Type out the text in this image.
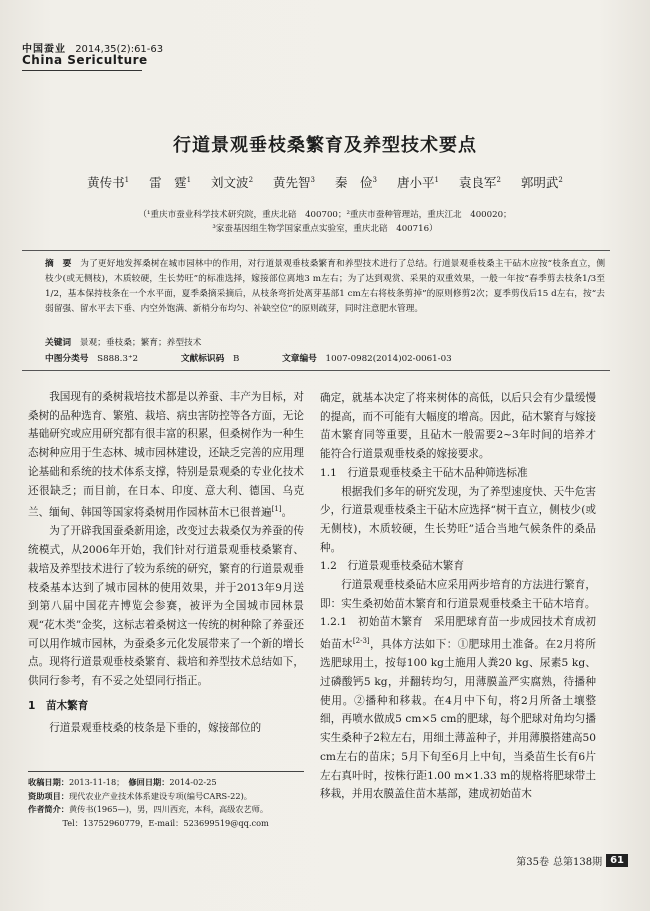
中国蚕业 2014,35(2):61-63
China Sericulture
行道景观垂枝桑繁育及养型技术要点
黄传书$^1$ 雷　霆$^1$ 刘文波$^2$ 黄先智$^3$ 秦　俭$^3$ 唐小平$^1$ 袁良军$^2$ 郭明武$^2$
（¹重庆市蚕业科学技术研究院，重庆北碚　400700；²重庆市蚕种管理站，重庆江北　400020；
³家蚕基因组生物学国家重点实验室，重庆北碚　400716）
摘　要　 为了更好地发挥桑树在城市园林中的作用，对行道景观垂枝桑繁育和养型技术进行了总结。行道景观垂枝桑主干砧木应按“枝条直立，侧枝少(或无侧枝)，木质较硬，生长势旺”的标准选择，嫁接部位离地3 m左右；为了达到观赏、采果的双重效果，一般一年按“春季剪去枝条1/3至1/2，基本保持枝条在一个水平面，夏季桑摘采摘后，从枝条弯折处离芽基部1 cm左右将枝条剪掉”的原则修剪2次；夏季剪伐后15 d左右，按“去弱留强、留水平去下垂、内空外饱满、新梢分布均匀、补缺空位”的原则疏芽，同时注意肥水管理。
关键词　 景观；垂枝桑；繁育；养型技术
中图分类号　 S888.3⁺2	文献标识码　 B	文章编号　 1007-0982(2014)02-0061-03

我国现有的桑树栽培技术都是以养蚕、丰产为目标，对桑树的品种选育、繁殖、栽培、病虫害防控等各方面，无论基础研究或应用研究都有很丰富的积累，但桑树作为一种生态树种应用于生态林、城市园林建设，还缺乏完善的应用理论基础和系统的技术体系支撑，特别是景观桑的专业化技术还很缺乏；而目前，在日本、印度、意大利、德国、乌克兰、缅甸、韩国等国家将桑树用作园林苗木已很普遍[1]。

为了开辟我国蚕桑新用途，改变过去栽桑仅为养蚕的传统模式，从2006年开始，我们针对行道景观垂枝桑繁育、栽培及养型技术进行了较为系统的研究，繁育的行道景观垂枝桑基本达到了城市园林的使用效果，并于2013年9月送到第八届中国花卉博览会参赛，被评为全国城市园林景观“花木类”金奖，这标志着桑树这一传统的树种除了养蚕还可以用作城市园林，为蚕桑多元化发展带来了一个新的增长点。现将行道景观垂枝桑繁育、栽培和养型技术总结如下，供同行参考，有不妥之处望同行指正。

1　苗木繁育

行道景观垂枝桑的枝条是下垂的，嫁接部位的

收稿日期：2013-11-18；　 修回日期：2014-02-25
资助项目：现代农业产业技术体系建设专项(编号CARS-22)。
作者简介：黄传书(1965—)，男，四川西充，本科，高级农艺师。
Tel：13752960779，E-mail：523699519@qq.com

确定，就基本决定了将来树体的高低，以后只会有少量缓慢的提高，而不可能有大幅度的增高。因此，砧木繁育与嫁接苗木繁育同等重要，且砧木一般需要2~3年时间的培养才能符合行道景观垂枝桑的嫁接要求。

1.1　行道景观垂枝桑主干砧木品种筛选标准

根据我们多年的研究发现，为了养型速度快、天牛危害少，行道景观垂枝桑主干砧木应选择“树干直立，侧枝少(或无侧枝)，木质较硬，生长势旺”适合当地气候条件的桑品种。

1.2　行道景观垂枝桑砧木繁育

行道景观垂枝桑砧木应采用两步培育的方法进行繁育，即：实生桑初始苗木繁育和行道景观垂枝桑主干砧木培育。

1.2.1　初始苗木繁育　 采用肥球育苗一步成园技术育成初始苗木[2-3]，具体方法如下：①肥球用土准备。在2月将所选肥球用土，按每100 kg土施用人粪20 kg、尿素5 kg、过磷酸钙5 kg，并翻转均匀，用薄膜盖严实腐熟，待播种使用。②播种和移栽。在4月中下旬，将2月所备土壤整细，再喷水做成5 cm×5 cm的肥球，每个肥球对角均匀播实生桑种子2粒左右，用细土薄盖种子，并用薄膜搭建高50 cm左右的苗床；5月下旬至6月上中旬，当桑苗生长有6片左右真叶时，按株行距1.00 m×1.33 m的规格将肥球带土移栽，并用农膜盖住苗木基部，建成初始苗木

第35卷 总第138期 61
